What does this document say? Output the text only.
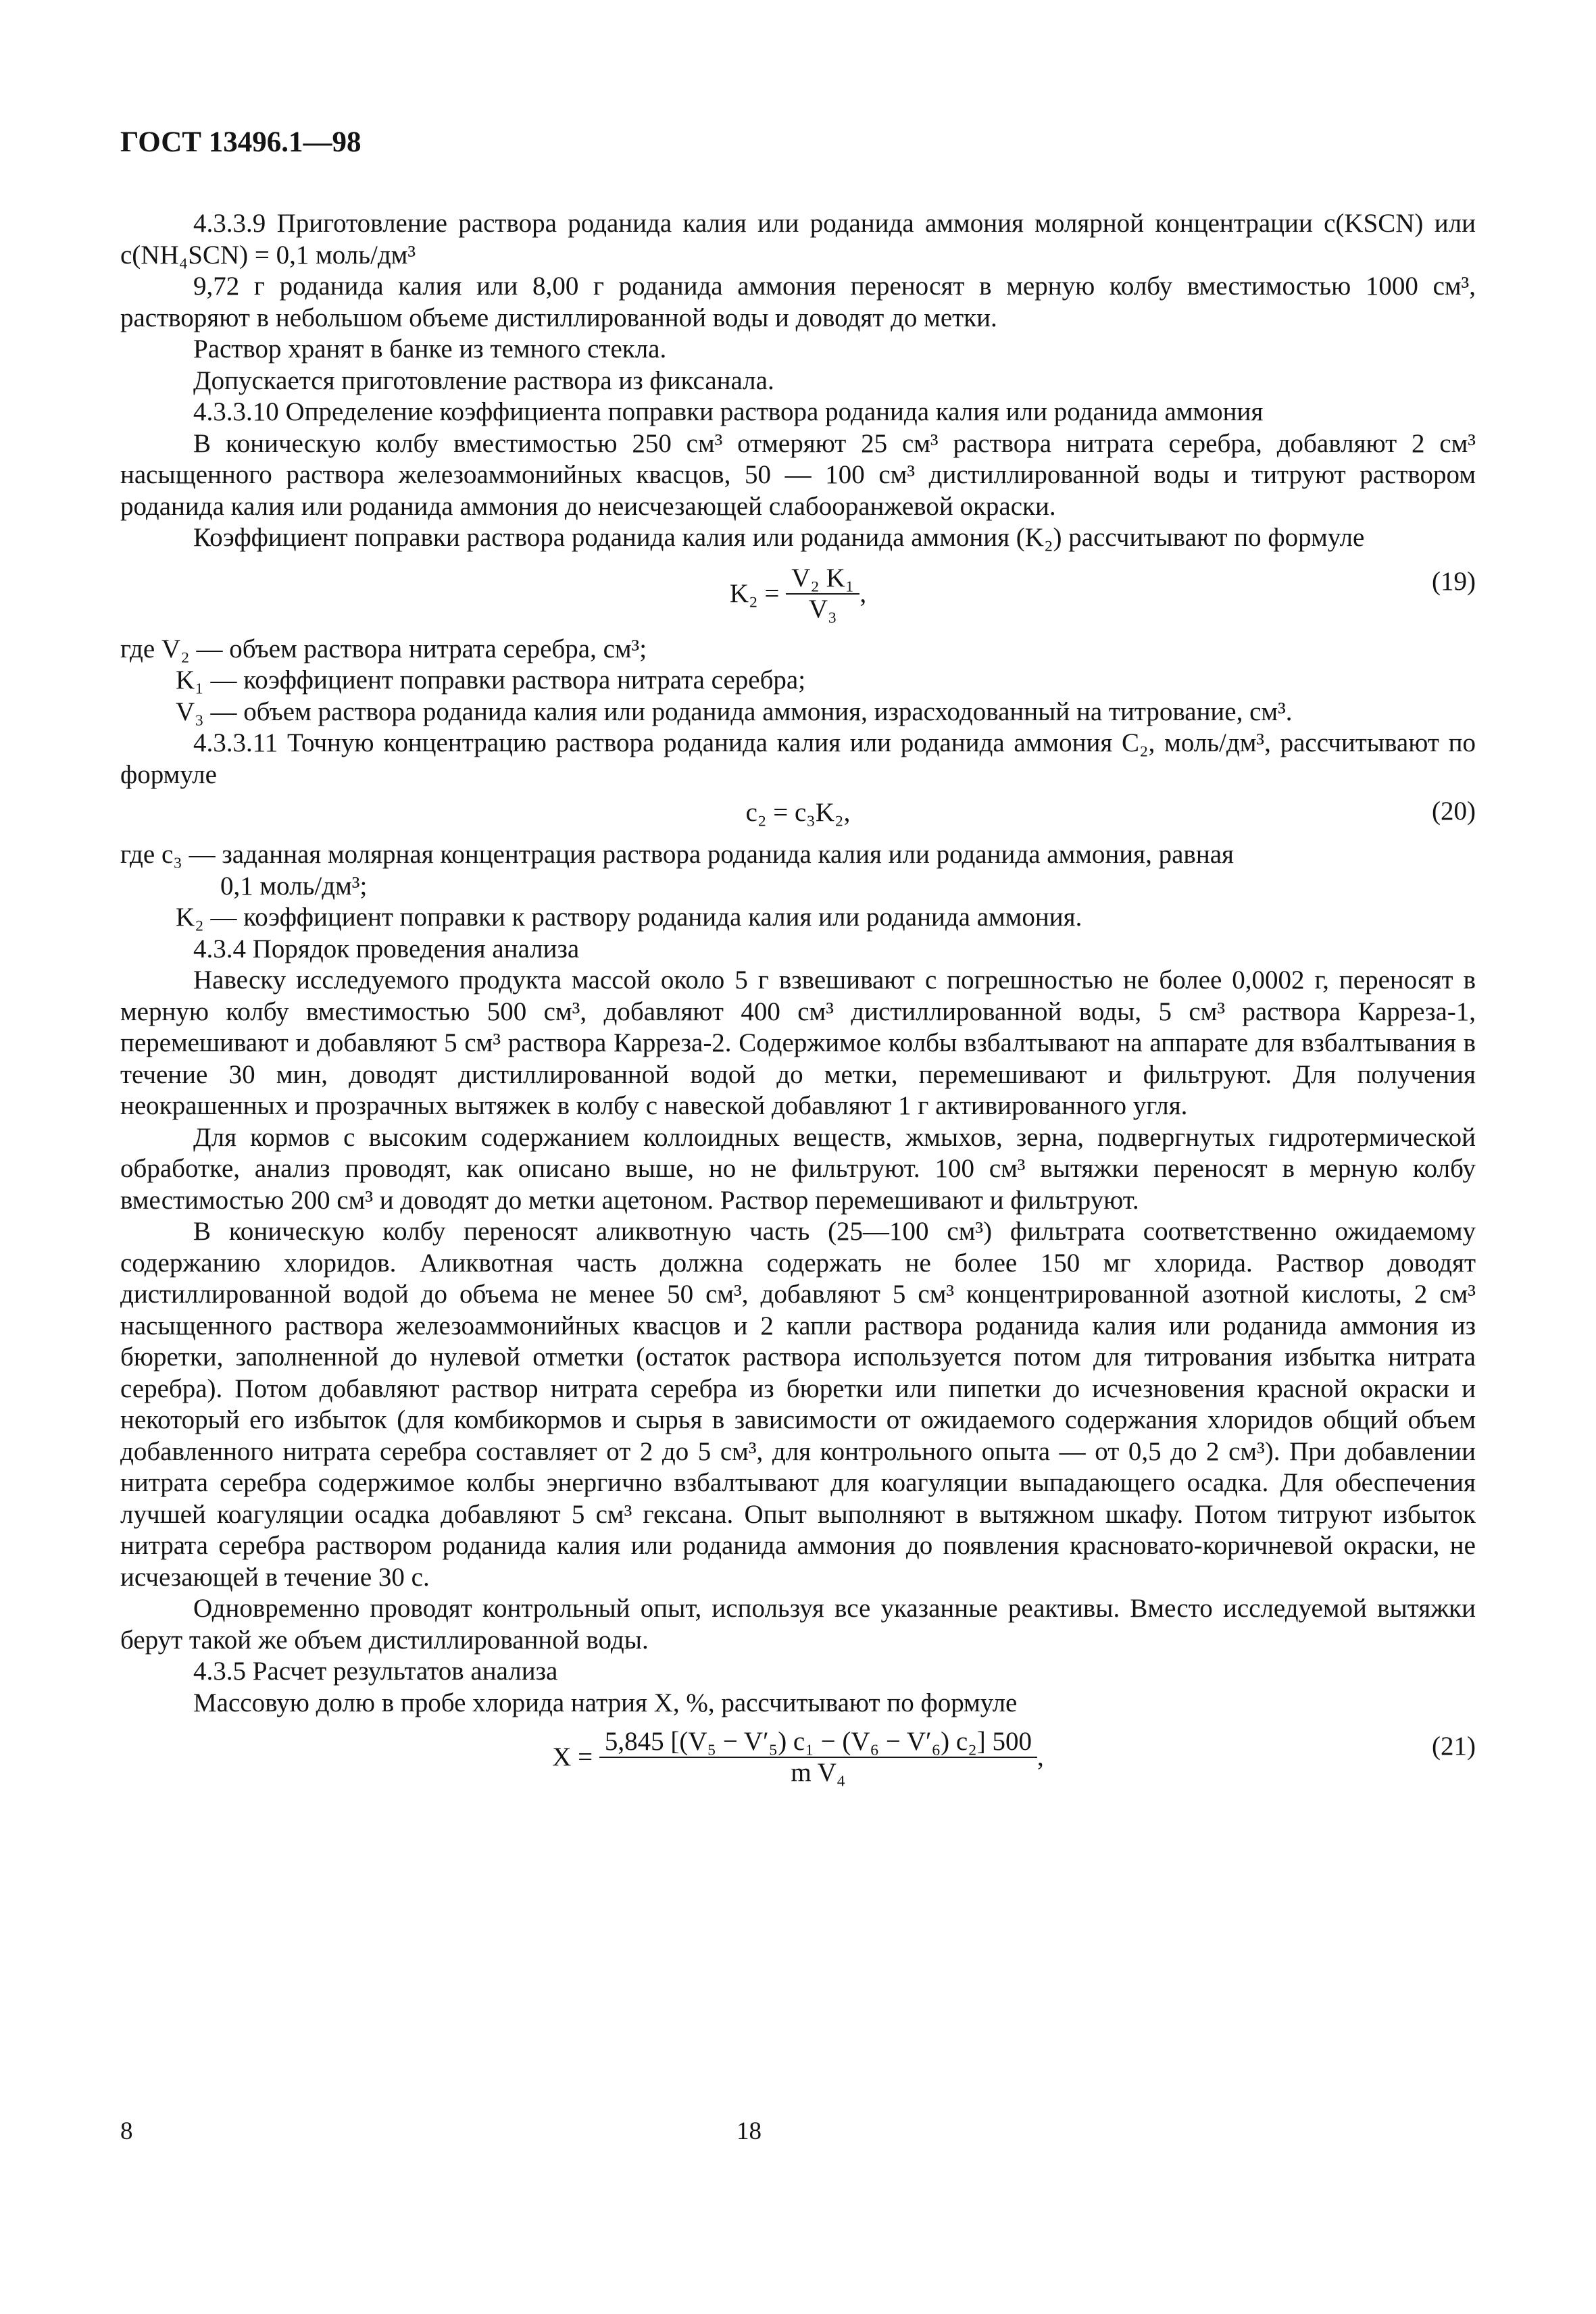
ГОСТ 13496.1—98

4.3.3.9 Приготовление раствора роданида калия или роданида аммония молярной концентрации c(KSCN) или c(NH₄SCN) = 0,1 моль/дм³

9,72 г роданида калия или 8,00 г роданида аммония переносят в мерную колбу вместимостью 1000 см³, растворяют в небольшом объеме дистиллированной воды и доводят до метки.

Раствор хранят в банке из темного стекла.

Допускается приготовление раствора из фиксанала.

4.3.3.10 Определение коэффициента поправки раствора роданида калия или роданида аммония

В коническую колбу вместимостью 250 см³ отмеряют 25 см³ раствора нитрата серебра, добавляют 2 см³ насыщенного раствора железоаммонийных квасцов, 50 — 100 см³ дистиллированной воды и титруют раствором роданида калия или роданида аммония до неисчезающей слабооранжевой окраски.

Коэффициент поправки раствора роданида калия или роданида аммония (K₂) рассчитывают по формуле

$K_2 = \frac{\text{V₂ K₁}}{\text{V₃}}$ ,	(19)

где V₂ — объем раствора нитрата серебра, см³;

K₁ — коэффициент поправки раствора нитрата серебра;

V₃ — объем раствора роданида калия или роданида аммония, израсходованный на титрование, см³.

4.3.3.11 Точную концентрацию раствора роданида калия или роданида аммония C₂, моль/дм³, рассчитывают по формуле

c₂ = c₃K₂,	(20)

где c₃ — заданная молярная концентрация раствора роданида калия или роданида аммония, равная

0,1 моль/дм³;

K₂ — коэффициент поправки к раствору роданида калия или роданида аммония.

4.3.4 Порядок проведения анализа

Навеску исследуемого продукта массой около 5 г взвешивают с погрешностью не более 0,0002 г, переносят в мерную колбу вместимостью 500 см³, добавляют 400 см³ дистиллированной воды, 5 см³ раствора Карреза-1, перемешивают и добавляют 5 см³ раствора Карреза-2. Содержимое колбы взбалтывают на аппарате для взбалтывания в течение 30 мин, доводят дистиллированной водой до метки, перемешивают и фильтруют. Для получения неокрашенных и прозрачных вытяжек в колбу с навеской добавляют 1 г активированного угля.

Для кормов с высоким содержанием коллоидных веществ, жмыхов, зерна, подвергнутых гидротермической обработке, анализ проводят, как описано выше, но не фильтруют. 100 см³ вытяжки переносят в мерную колбу вместимостью 200 см³ и доводят до метки ацетоном. Раствор перемешивают и фильтруют.

В коническую колбу переносят аликвотную часть (25—100 см³) фильтрата соответственно ожидаемому содержанию хлоридов. Аликвотная часть должна содержать не более 150 мг хлорида. Раствор доводят дистиллированной водой до объема не менее 50 см³, добавляют 5 см³ концентрированной азотной кислоты, 2 см³ насыщенного раствора железоаммонийных квасцов и 2 капли раствора роданида калия или роданида аммония из бюретки, заполненной до нулевой отметки (остаток раствора используется потом для титрования избытка нитрата серебра). Потом добавляют раствор нитрата серебра из бюретки или пипетки до исчезновения красной окраски и некоторый его избыток (для комбикормов и сырья в зависимости от ожидаемого содержания хлоридов общий объем добавленного нитрата серебра составляет от 2 до 5 см³, для контрольного опыта — от 0,5 до 2 см³). При добавлении нитрата серебра содержимое колбы энергично взбалтывают для коагуляции выпадающего осадка. Для обеспечения лучшей коагуляции осадка добавляют 5 см³ гексана. Опыт выполняют в вытяжном шкафу. Потом титруют избыток нитрата серебра раствором роданида калия или роданида аммония до появления красновато-коричневой окраски, не исчезающей в течение 30 с.

Одновременно проводят контрольный опыт, используя все указанные реактивы. Вместо исследуемой вытяжки берут такой же объем дистиллированной воды.

4.3.5 Расчет результатов анализа

Массовую долю в пробе хлорида натрия X, %, рассчитывают по формуле

$X = \frac{\text{5,845 [(V₅ − V′₅) c₁ − (V₆ − V′₆) c₂] 500}}{\text{m V₄}}$ ,	(21)
8	18
